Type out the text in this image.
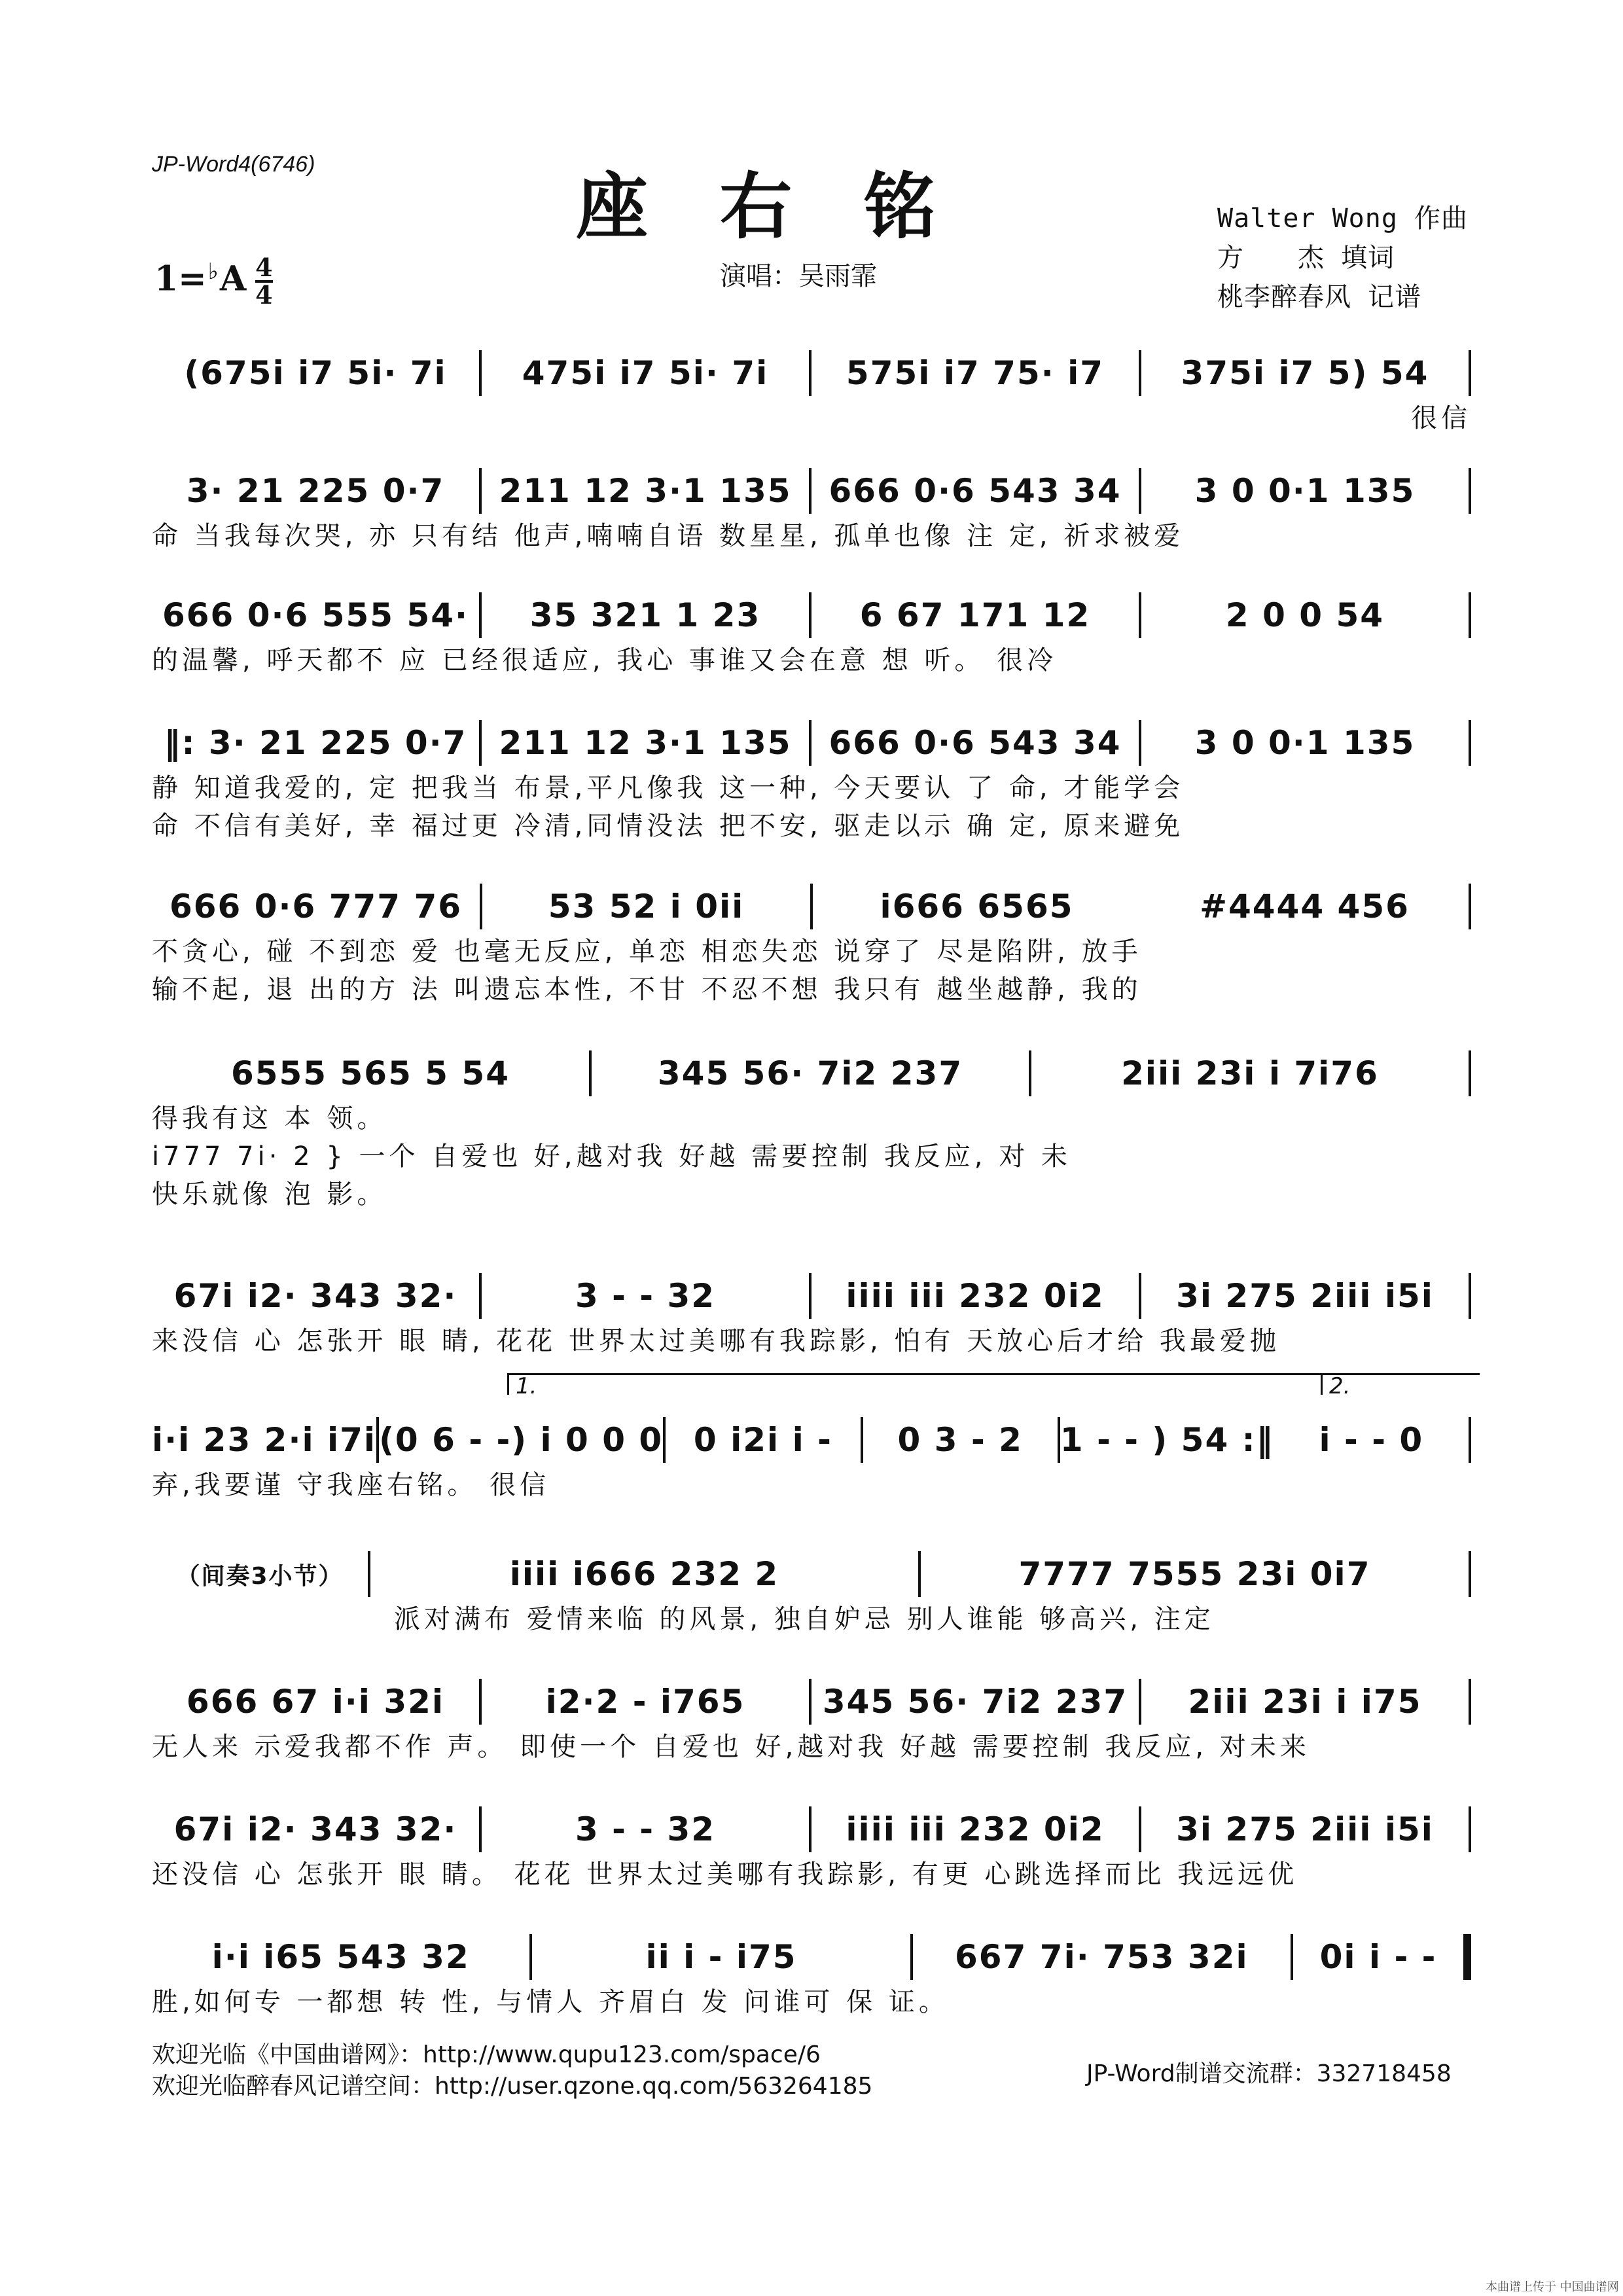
JP-Word4(6746)	座右铭	Walter Wong 作曲
方　　杰 填词
桃李醉春风 记谱
$1=^♭A \frac{4}{4}$	演唱：吴雨霏
(675i i7 5i· 7i	475i i7 5i· 7i	575i i7 75· i7	375i i7 5) 54
很信
3· 21 225 0·7	211 12 3·1 135	666 0·6 543 34	3 0 0·1 135
命 当我每次哭, 亦 只有结 他声,喃喃自语 数星星, 孤单也像 注 定, 祈求被爱
666 0·6 555 54·	35 321 1 23	6 67 171 12	2 0 0 54
的温馨, 呼天都不 应 已经很适应, 我心 事谁又会在意 想 听。 很冷
‖: 3· 21 225 0·7 211 12 3·1 135	666 0·6 543 34	3 0 0·1 135
静 知道我爱的, 定 把我当 布景,平凡像我 这一种, 今天要认 了 命, 才能学会
命 不信有美好, 幸 福过更 冷清,同情没法 把不安, 驱走以示 确 定, 原来避免
666 0·6 777 76	53 52 i 0ii	i666 6565	#4444 456
不贪心, 碰 不到恋 爱 也毫无反应, 单恋 相恋失恋 说穿了 尽是陷阱, 放手
输不起, 退 出的方 法 叫遗忘本性, 不甘 不忍不想 我只有 越坐越静, 我的
6555 565 5 54	345 56· 7i2 237	2iii 23i i 7i76
得我有这 本 领。
i777 7i· 2 } 一个 自爱也 好,越对我 好越 需要控制 我反应, 对 未
快乐就像 泡 影。
67i i2· 343 32·	3 - - 32	iiii iii 232 0i2	3i 275 2iii i5i
来没信 心 怎张开 眼 睛, 花花 世界太过美哪有我踪影, 怕有 天放心后才给 我最爱抛
1.	2.
i·i 23 2·i i7i (0 6 - -) i 0 0 0 0 i2i i -	0 3 - 2	1 - - ) 54 :‖	i - - 0
弃,我要谨 守我座右铭。 很信
（间奏3小节）	iiii i666 232 2	7777 7555 23i 0i7
派对满布 爱情来临 的风景, 独自妒忌 别人谁能 够高兴, 注定
666 67 i·i 32i	i2·2 - i765	345 56· 7i2 237	2iii 23i i i75
无人来 示爱我都不作 声。 即使一个 自爱也 好,越对我 好越 需要控制 我反应, 对未来
67i i2· 343 32·	3 - - 32	iiii iii 232 0i2	3i 275 2iii i5i
还没信 心 怎张开 眼 睛。 花花 世界太过美哪有我踪影, 有更 心跳选择而比 我远远优
i·i i65 543 32	ii i - i75	667 7i· 753 32i	0i i - -
胜,如何专 一都想 转 性, 与情人 齐眉白 发 问谁可 保 证。
欢迎光临《中国曲谱网》：http://www.qupu123.com/space/6
欢迎光临醉春风记谱空间：http://user.qzone.qq.com/563264185	JP-Word制谱交流群：332718458
本曲谱上传于 中国曲谱网
